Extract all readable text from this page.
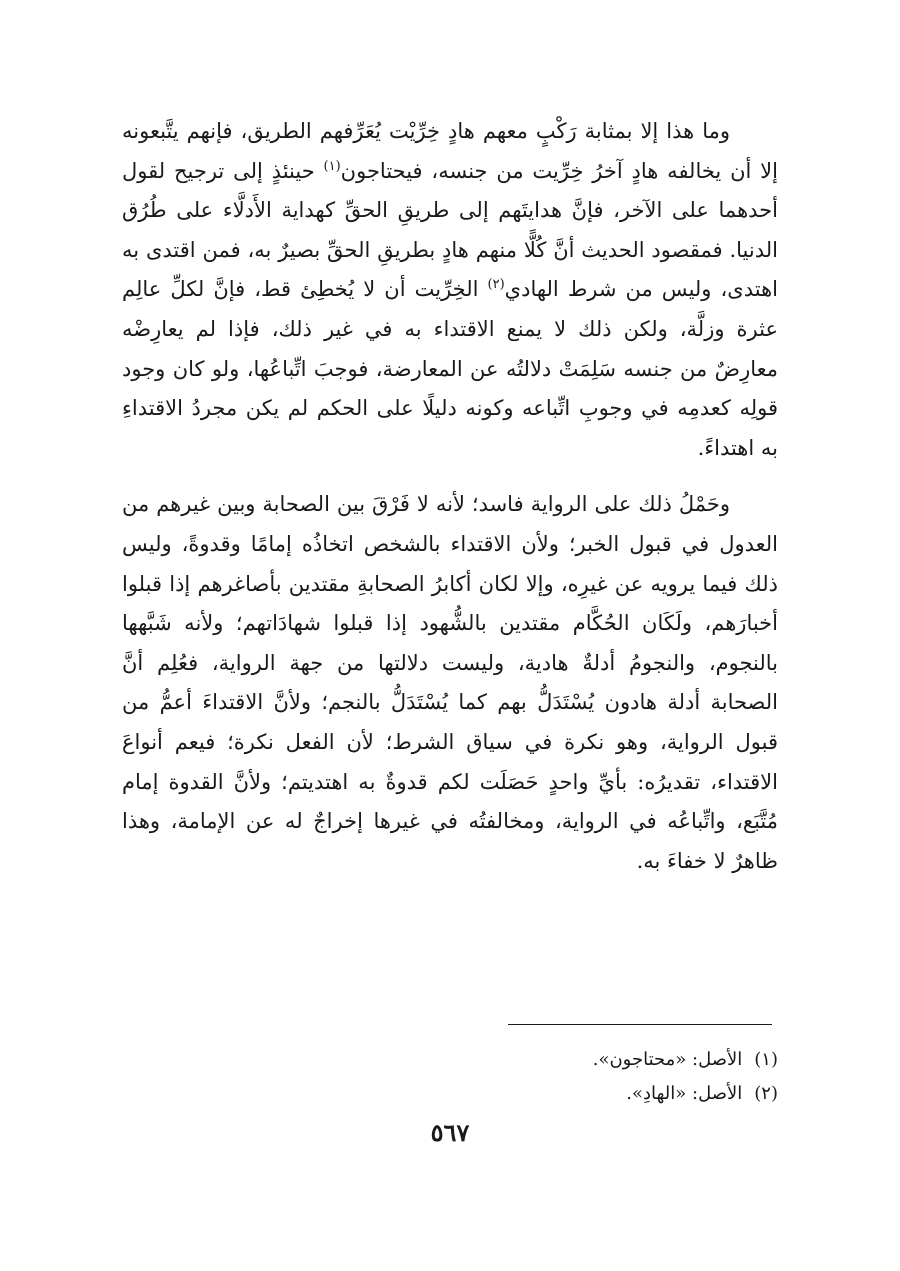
وما هذا إلا بمثابة رَكْبٍ معهم هادٍ خِرِّيْت يُعَرِّفهم الطريق، فإنهم يتَّبعونه إلا أن يخالفه هادٍ آخرُ خِرِّيت من جنسه، فيحتاجون$^{(١)}$ حينئذٍ إلى ترجيح لقول أحدهما على الآخر، فإنَّ هدايتَهم إلى طريقِ الحقِّ كهداية الأَدلَّاء على طُرُق الدنيا. فمقصود الحديث أنَّ كُلًّا منهم هادٍ بطريقِ الحقِّ بصيرٌ به، فمن اقتدى به اهتدى، وليس من شرط الهادي$^{(٢)}$ الخِرِّيت أن لا يُخطِئ قط، فإنَّ لكلِّ عالِم عثرة وزلَّة، ولكن ذلك لا يمنع الاقتداء به في غير ذلك، فإذا لم يعارِضْه معارِضٌ من جنسه سَلِمَتْ دلالتُه عن المعارضة، فوجبَ اتِّباعُها، ولو كان وجود قولِه كعدمِه في وجوبِ اتِّباعه وكونه دليلًا على الحكم لم يكن مجردُ الاقتداءِ به اهتداءً.

وحَمْلُ ذلك على الرواية فاسد؛ لأنه لا فَرْقَ بين الصحابة وبين غيرهم من العدول في قبول الخبر؛ ولأن الاقتداء بالشخص اتخاذُه إمامًا وقدوةً، وليس ذلك فيما يرويه عن غيرِه، وإلا لكان أكابرُ الصحابةِ مقتدين بأصاغرهم إذا قبلوا أخبارَهم، ولَكَان الحُكَّام مقتدين بالشُّهود إذا قبلوا شهادَاتهم؛ ولأنه شَبَّهها بالنجوم، والنجومُ أدلةٌ هادية، وليست دلالتها من جهة الرواية، فعُلِم أنَّ الصحابة أدلة هادون يُسْتَدَلُّ بهم كما يُسْتَدَلُّ بالنجم؛ ولأنَّ الاقتداءَ أعمُّ من قبول الرواية، وهو نكرة في سياق الشرط؛ لأن الفعل نكرة؛ فيعم أنواعَ الاقتداء، تقديرُه: بأيِّ واحدٍ حَصَلَت لكم قدوةٌ به اهتديتم؛ ولأنَّ القدوة إمام مُتَّبَع، واتِّباعُه في الرواية، ومخالفتُه في غيرها إخراجٌ له عن الإمامة، وهذا ظاهرٌ لا خفاءَ به.

(١)الأصل: «محتاجون».

(٢)الأصل: «الهادِ».

٥٦٧
